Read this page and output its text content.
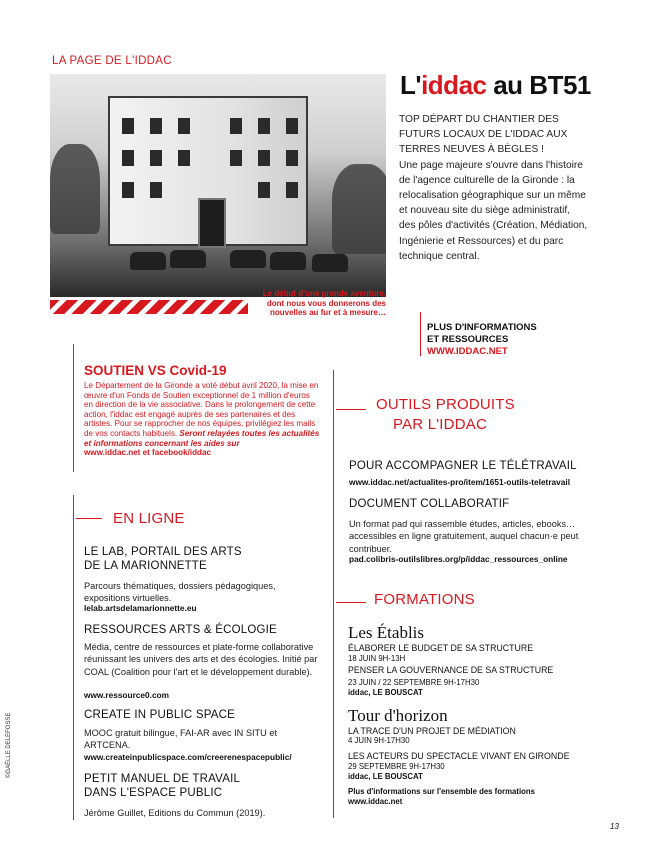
LA PAGE DE L'IDDAC
Le début d'une grande aventure, dont nous vous donnerons des nouvelles au fur et à mesure…
L'iddac au BT51
TOP DÉPART DU CHANTIER DES FUTURS LOCAUX DE L'IDDAC AUX TERRES NEUVES À BÈGLES !
Une page majeure s'ouvre dans l'histoire de l'agence culturelle de la Gironde : la relocalisation géographique sur un même et nouveau site du siège administratif, des pôles d'activités (Création, Médiation, Ingénierie et Ressources) et du parc technique central.
PLUS D'INFORMATIONS
ET RESSOURCES
WWW.IDDAC.NET
SOUTIEN VS Covid-19
Le Département de la Gironde a voté début avril 2020, la mise en œuvre d'un Fonds de Soutien exceptionnel de 1 million d'euros en direction de la vie associative. Dans le prolongement de cette action, l'iddac est engagé auprès de ses partenaires et des artistes. Pour se rapprocher de nos équipes, privilégiez les mails de vos contacts habituels. Seront relayées toutes les actualités et informations concernant les aides sur
www.iddac.net et facebook/iddac
OUTILS PRODUITS
PAR L'IDDAC
POUR ACCOMPAGNER LE TÉLÉTRAVAIL
www.iddac.net/actualites-pro/item/1651-outils-teletravail
DOCUMENT COLLABORATIF
Un format pad qui rassemble études, articles, ebooks… accessibles en ligne gratuitement, auquel chacun·e peut contribuer.
pad.colibris-outilslibres.org/p/iddac_ressources_online
EN LIGNE
LE LAB, PORTAIL DES ARTS
DE LA MARIONNETTE
Parcours thématiques, dossiers pédagogiques, expositions virtuelles.
lelab.artsdelamarionnette.eu
RESSOURCES ARTS & ÉCOLOGIE
Média, centre de ressources et plate-forme collaborative réunissant les univers des arts et des écologies. Initié par COAL (Coalition pour l'art et le développement durable).
www.ressource0.com
CREATE IN PUBLIC SPACE
MOOC gratuit bilingue, FAI-AR avec IN SITU et ARTCENA.
www.createinpublicspace.com/creerenespacepublic/
PETIT MANUEL DE TRAVAIL
DANS L'ESPACE PUBLIC
Jérôme Guillet, Editions du Commun (2019).
FORMATIONS
Les Établis
ÉLABORER LE BUDGET DE SA STRUCTURE
18 JUIN 9H-13H
PENSER LA GOUVERNANCE DE SA STRUCTURE
23 JUIN / 22 SEPTEMBRE 9H-17H30
iddac, LE BOUSCAT
Tour d'horizon
LA TRACE D'UN PROJET DE MÉDIATION
4 JUIN 9H-17H30
LES ACTEURS DU SPECTACLE VIVANT EN GIRONDE
29 SEPTEMBRE 9H-17H30
iddac, LE BOUSCAT
Plus d'informations sur l'ensemble des formations
www.iddac.net
©GAËLLE DELEFOSSE
13
